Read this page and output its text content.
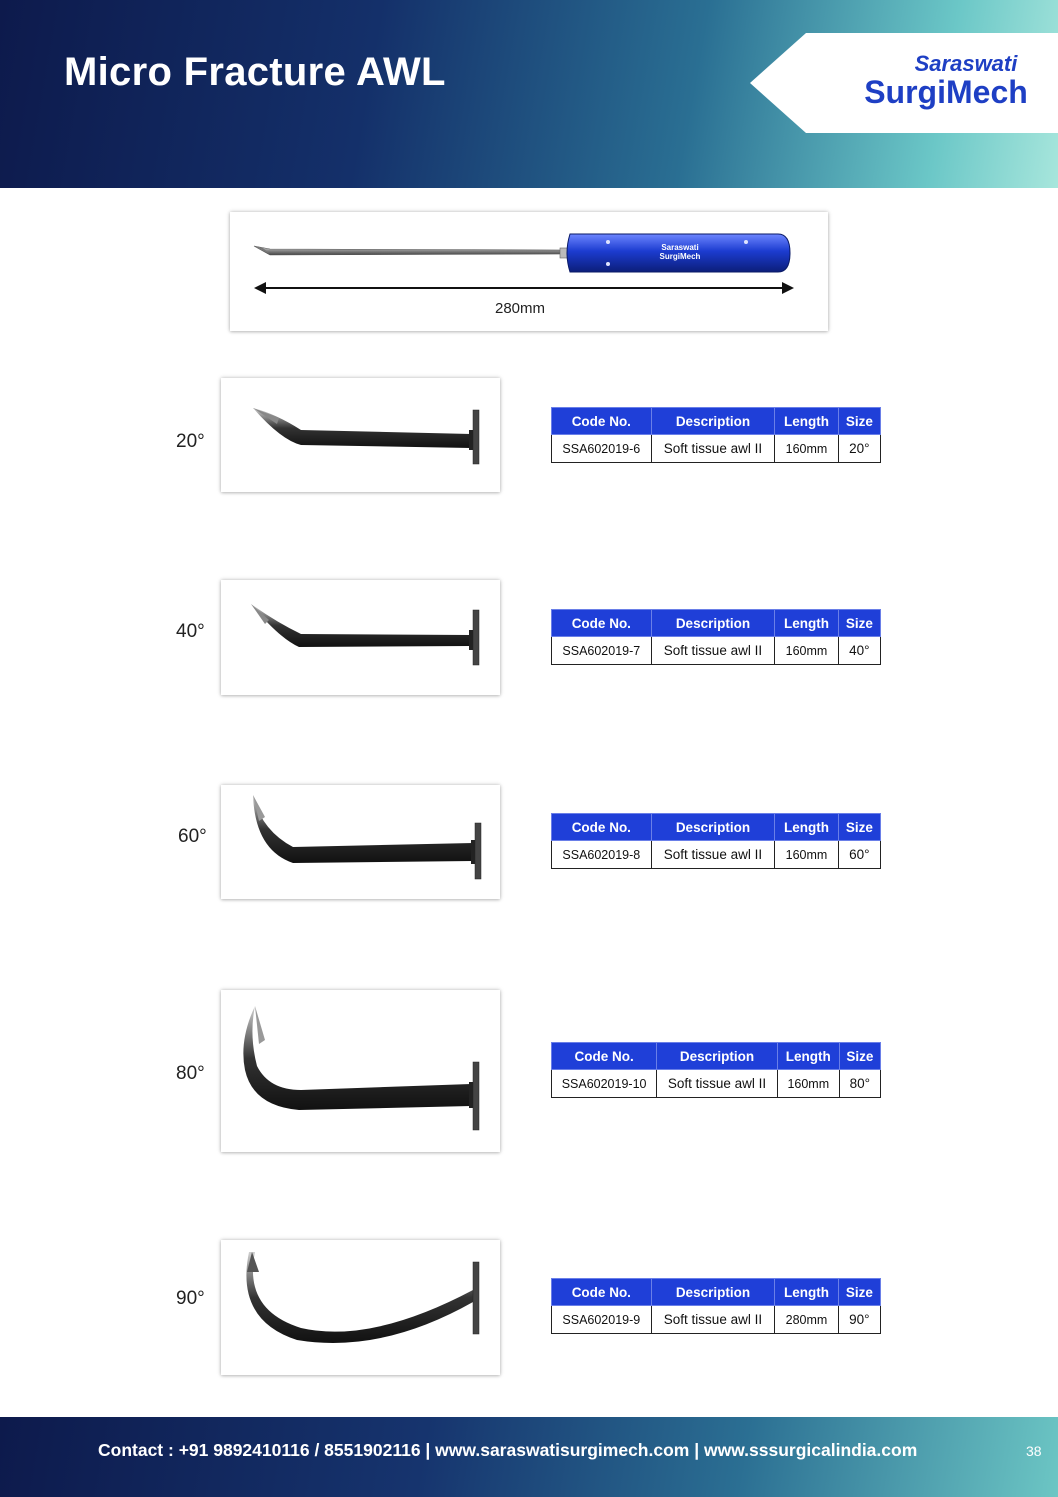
Micro Fracture AWL	Saraswati
SurgiMech
Saraswati
SurgiMech
280mm
20°
Code No.	Description	Length	Size
SSA602019-6	Soft tissue awl II	160mm	20°
40°	Code No.	Description	Length	Size
SSA602019-7	Soft tissue awl II	160mm	40°
60°	Code No.	Description	Length	Size
SSA602019-8	Soft tissue awl II	160mm	60°
80°
Code No.	Description	Length	Size
SSA602019-10	Soft tissue awl II	160mm	80°
90°	Code No.	Description	Length	Size
SSA602019-9	Soft tissue awl II	280mm	90°
Contact : +91 9892410116 / 8551902116 | www.saraswatisurgimech.com | www.sssurgicalindia.com	38
